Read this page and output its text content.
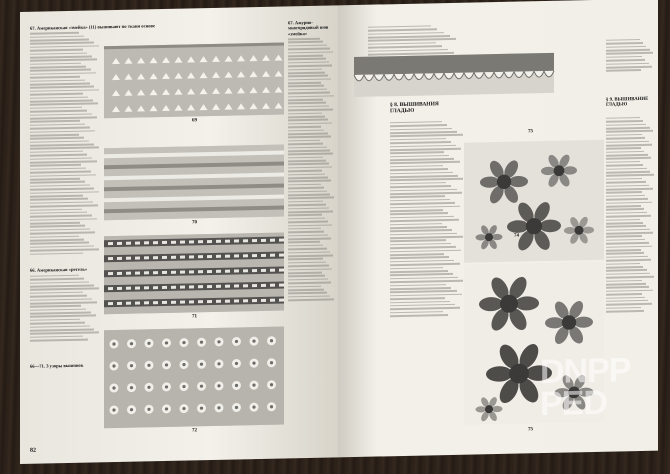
67. Американская «змейка» (11) вышивают по ткани основе
66. Американская «ретель»
66—71. З узоры вышивок
69
70
71
72
67. Ажурно-многорядовый шов «змейка»
82
75
§ 8. ВЫШИВАНИЯ ГЛАДЬЮ
74
75
§ 9. ВЫШИВАНИЕ ГЛАДЬЮ
DNPP
PED
